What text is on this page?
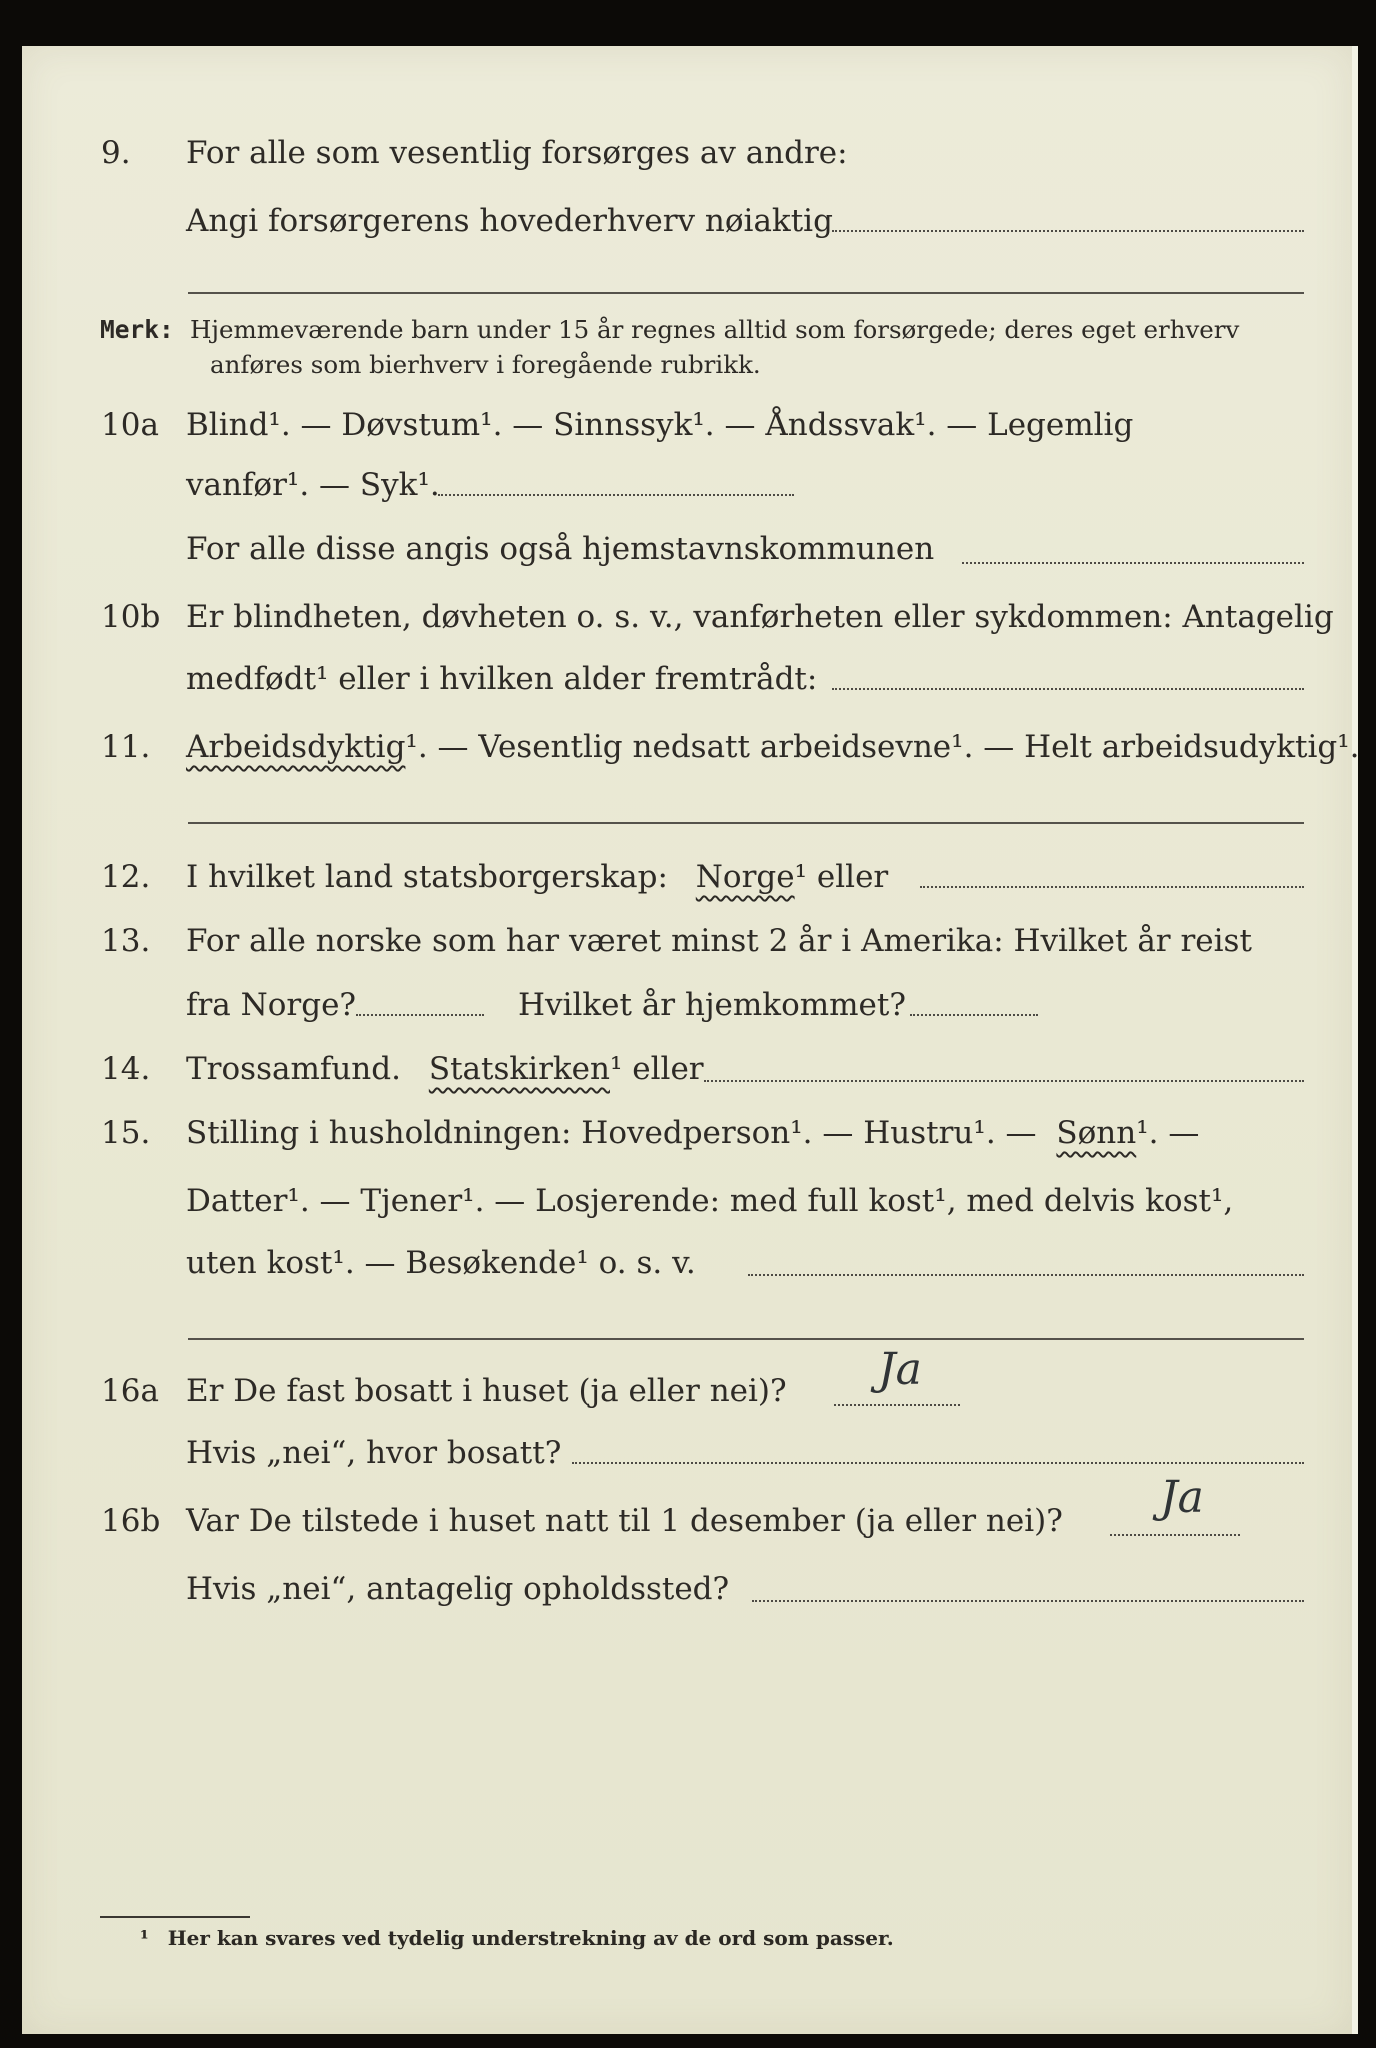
9. For alle som vesentlig forsørges av andre:
Angi forsørgerens hovederhverv nøiaktig
Merk: Hjemmeværende barn under 15 år regnes alltid som forsørgede; deres eget erhverv
anføres som bierhverv i foregående rubrikk.
10a Blind¹. — Døvstum¹. — Sinnssyk¹. — Åndssvak¹. — Legemlig
vanfør¹. — Syk¹.
For alle disse angis også hjemstavnskommunen
10b Er blindheten, døvheten o. s. v., vanførheten eller sykdommen: Antagelig
medfødt¹ eller i hvilken alder fremtrådt:
11. Arbeidsdyktig¹. — Vesentlig nedsatt arbeidsevne¹. — Helt arbeidsudyktig¹.
12. I hvilket land statsborgerskap: Norge¹ eller
13. For alle norske som har været minst 2 år i Amerika: Hvilket år reist
fra Norge?	Hvilket år hjemkommet?
14. Trossamfund. Statskirken¹ eller
15. Stilling i husholdningen: Hovedperson¹. — Hustru¹. — Sønn¹. —
Datter¹. — Tjener¹. — Losjerende: med full kost¹, med delvis kost¹,
uten kost¹. — Besøkende¹ o. s. v.
16a Er De fast bosatt i huset (ja eller nei)? Ja
Hvis „nei“, hvor bosatt?
16b Var De tilstede i huset natt til 1 desember (ja eller nei)? Ja
Hvis „nei“, antagelig opholdssted?
¹ Her kan svares ved tydelig understrekning av de ord som passer.
